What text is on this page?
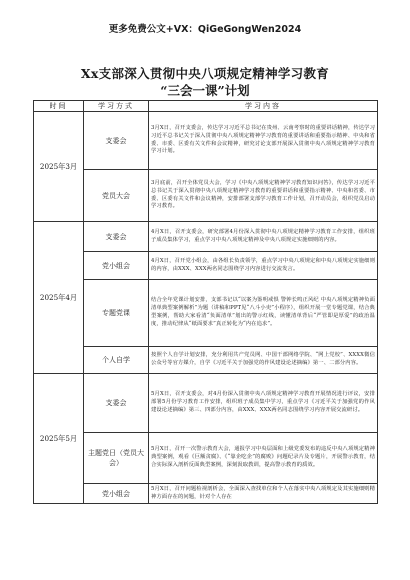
更多免费公文+VX：QiGeGongWen2024
Xx支部深入贯彻中央八项规定精神学习教育
“三会一课”计划
时间	学习方式	学习内容
2025年3月	支委会	3月X日，召开支委会，传达学习习近平总书记在贵州、云南考察时的重要讲话精神，传达学习习近平总书记关于深入贯彻中央八项规定精神学习教育的重要讲话和重要指示精神、中央和省委、市委、区委有关文件和会议精神，研究讨论支部开展深入贯彻中央八项规定精神学习教育学习计划。
	党员大会	3月底前，召开全体党员大会，学习《中央八项规定精神学习教育知识问答》，传达学习习近平总书记关于深入贯彻中央八项规定精神学习教育的重要讲话和重要指示精神、中央和省委、市委、区委有关文件和会议精神，安排部署支部学习教育工作计划，召开动员会，组织党员启动学习教育。
2025年4月	支委会	4月X日，召开支委会，研究部署4月份深入贯彻中央八项规定精神学习教育工作安排，组织班子成员集体学习，重点学习中央八项规定精神及中央八项规定实施细则的内容。
	党小组会	4月X日，召开党小组会，由各组长负责领学，重点学习中央八项规定和中央八项规定实施细则的内容，由XXX、XXX两名同志围绕学习内容进行交流发言。
	专题党课	结合全年党课计划安排，支部书记以“以案为鉴明戒惧 警钟长鸣正风纪 中央八项规定精神负面清单典型案例解析”为题（讲稿和PPT见“八斗小吏”小程序），组织开展一堂专题党课，结合典型案例，帮助大家看清“负面清单”划出的警示红线，读懂清单背后“严管即是厚爱”的政治温度，推动纪律从“纸面要求”真正转化为“内在追求”。
	个人自学	按照个人自学计划安排，充分利用共产党员网、中国干部网络学院、“网上党校”、XXXX微信公众号等官方媒介，自学《习近平关于加强党的作风建设论述摘编》第一、二部分内容。
2025年5月	支委会	5月X日，召开支委会，对4月份深入贯彻中央八项规定精神学习教育开展情况进行评议，安排部署5月份学习教育工作安排，组织班子成员集中学习，重点学习《习近平关于加强党的作风建设论述摘编》第三、四部分内容，由XXX、XXX两名同志围绕学习内容开展交流研讨。
	主题党日（党员大会）	5月X日，召开一次警示教育大会，通报学习中央层面和上级党委发布的违反中央八项规定精神典型案例，观看《巨额贪腐》、《“靠企吃企”的腐败》问题纪录片及专题片，开展警示教育，结合实际深入剖析反面典型案例，深刻汲取教训，提高警示教育的质效。
	党小组会	5月X日，召开问题检视剖析会，全面深入查找单位和个人在落实中央八项规定及其实施细则精神方面存在的问题，针对个人存在
